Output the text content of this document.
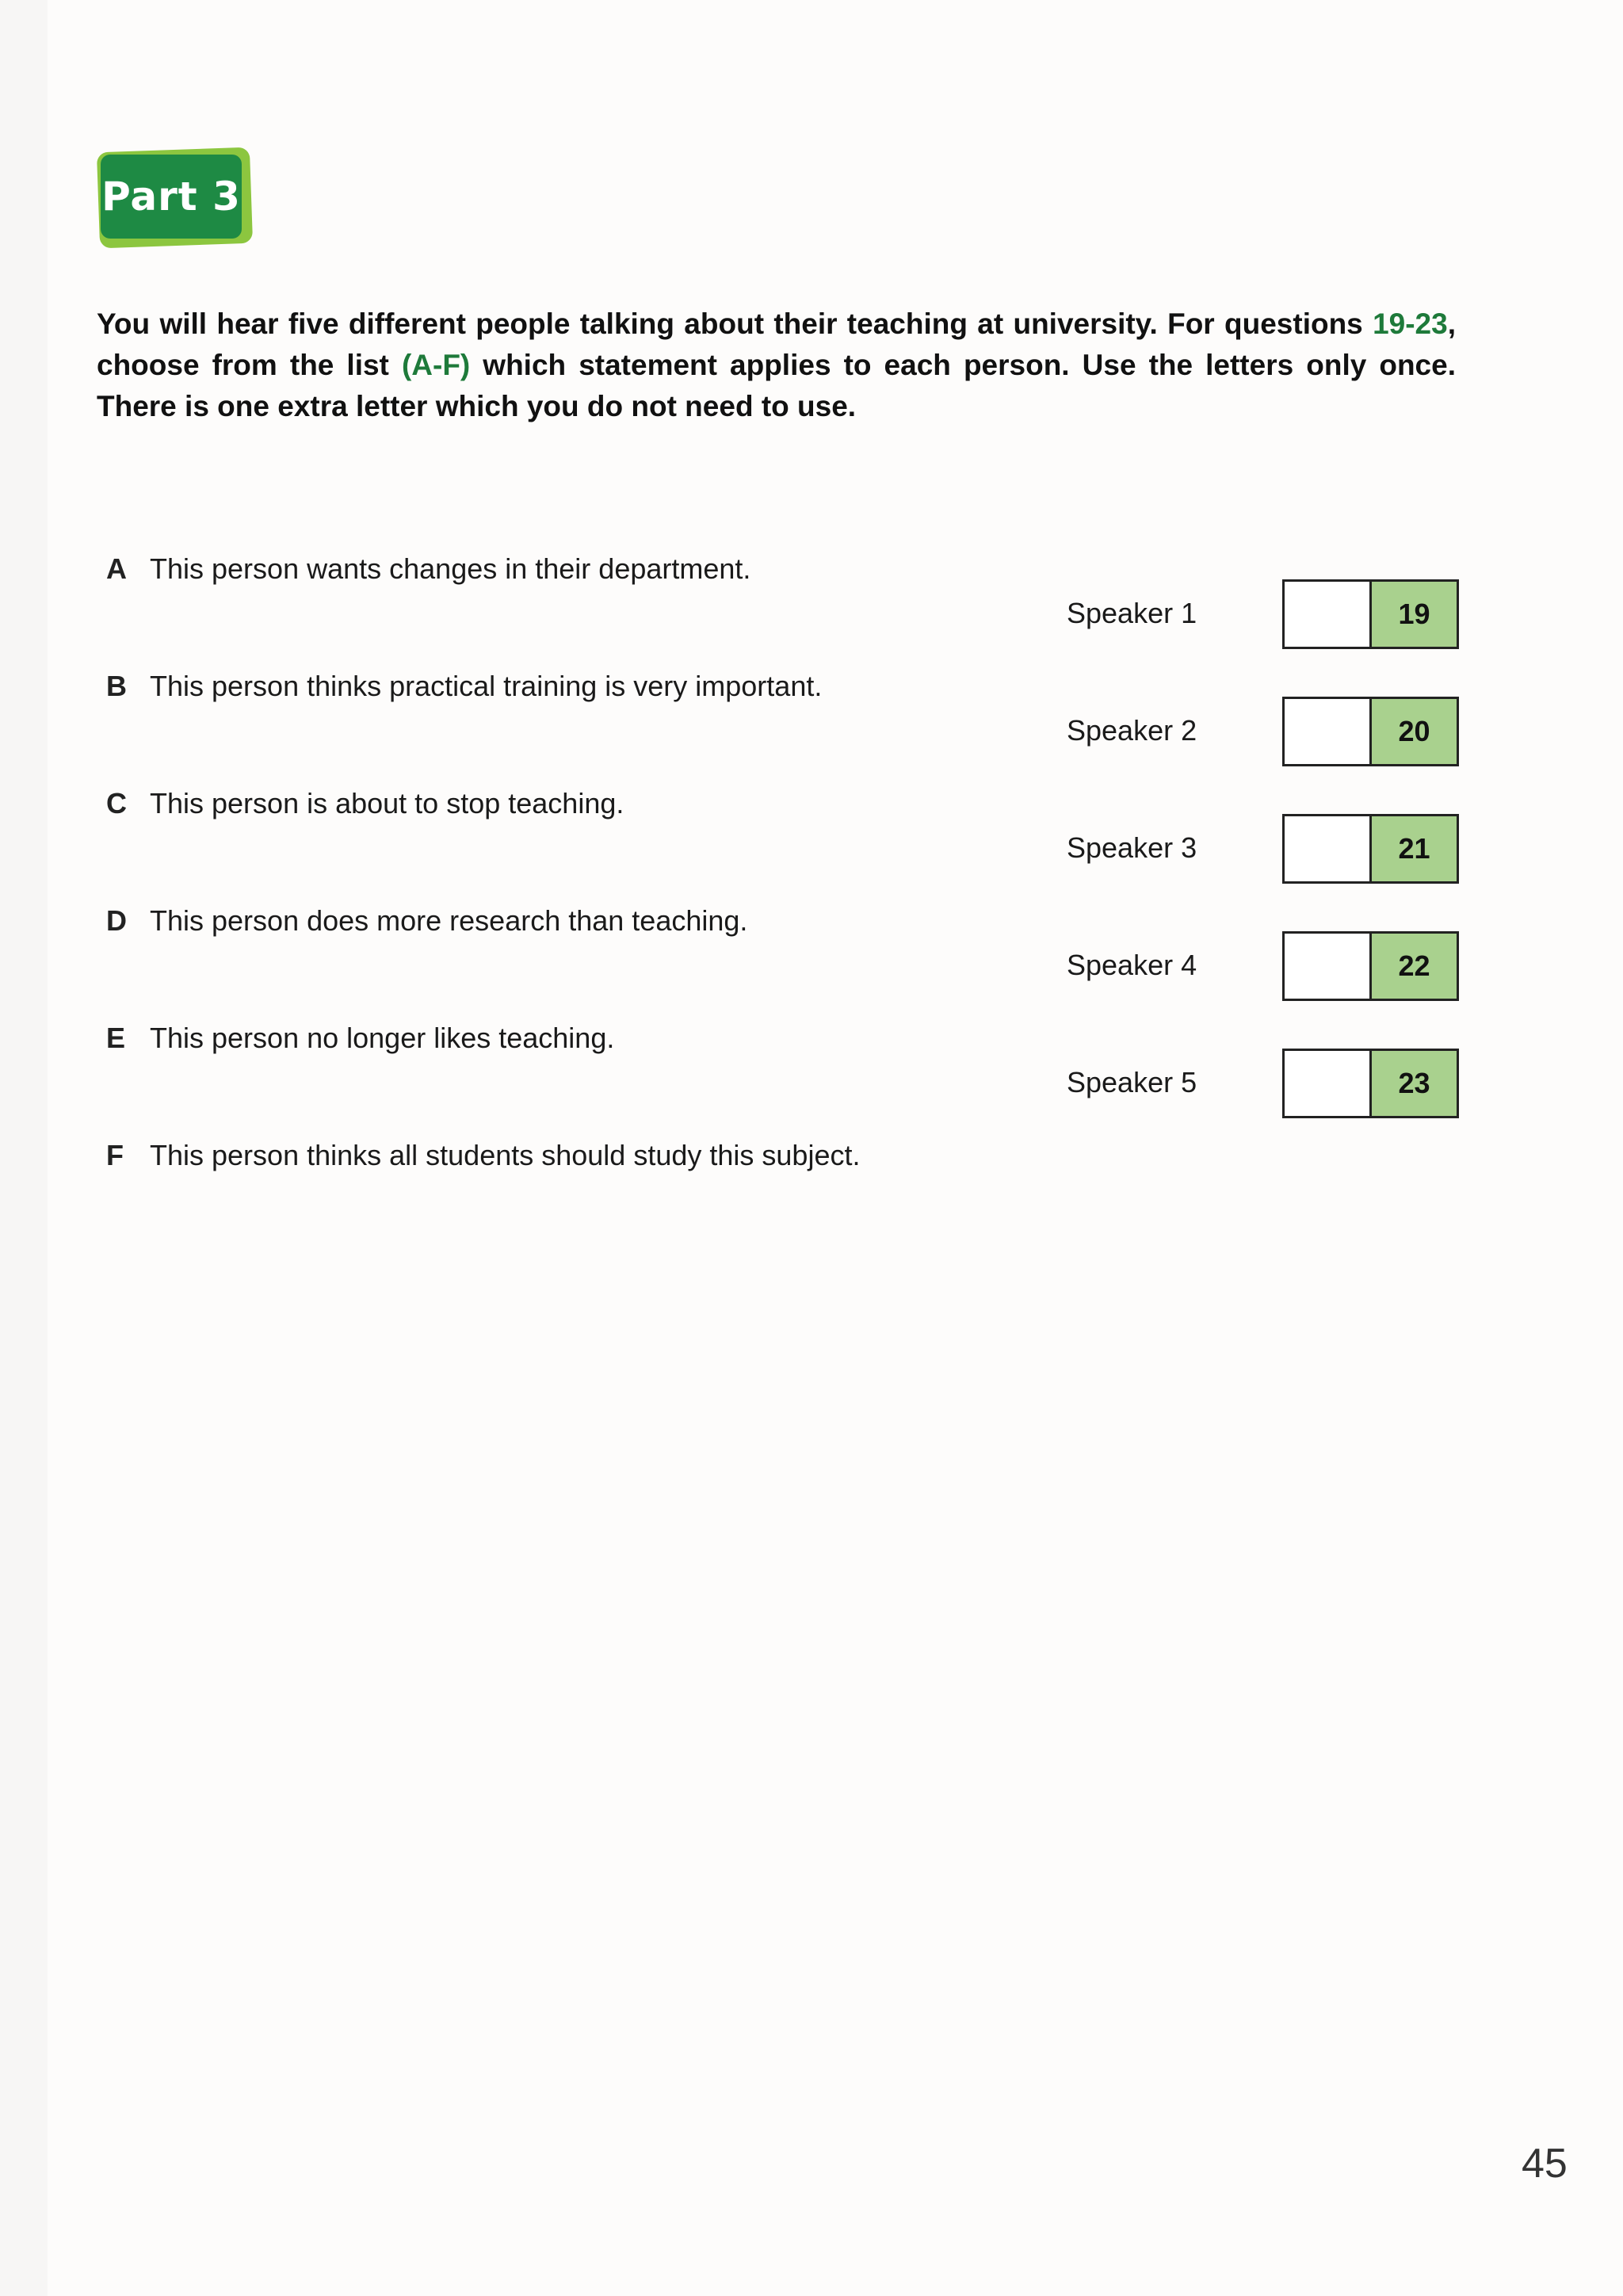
Part 3
You will hear five different people talking about their teaching at university. For questions 19-23, choose from the list (A-F) which statement applies to each person. Use the letters only once. There is one extra letter which you do not need to use.
A This person wants changes in their department.
B This person thinks practical training is very important.
C This person is about to stop teaching.
D This person does more research than teaching.
E This person no longer likes teaching.
F This person thinks all students should study this subject.
Speaker 1	19
Speaker 2	20
Speaker 3	21
Speaker 4	22
Speaker 5	23
45
